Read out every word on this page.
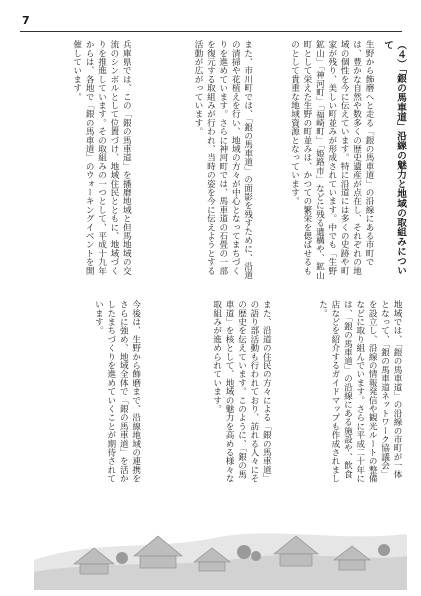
7
（４）「銀の馬車道」沿線の魅力と地域の取組みについて
生野から飾磨へと走る「銀の馬車道」の沿線にある市町では、豊かな自然や数多くの歴史遺産が点在し、それぞれの地域の個性を今に伝えています。特に沿道には多くの史跡や町家が残り、美しい町並みが形成されています。中でも「生野鉱山」「神河町」「福崎町」「姫路市」などに残る遺構や、鉱山町として栄えた生野の町並みは、かつての繁栄を偲ばせるものとして貴重な地域資源となっています。
また、市川町では、「銀の馬車道」の面影を残すために、沿道の清掃や花植えを行い、地域の方々が中心となってまちづくりを進めています。さらに神河町では、馬車道の石畳の一部を復元する取組みが行われ、当時の姿を今に伝えようとする活動が広がっています。
兵庫県では、この「銀の馬車道」を播磨地域と但馬地域の交流のシンボルとして位置づけ、地域住民とともに、地域づくりを推進しています。その取組みの一つとして、平成十九年からは、各地で「銀の馬車道」のウォーキングイベントを開催しています。
地域では、「銀の馬車道」の沿線の市町が一体となって、「銀の馬車道ネットワーク協議会」を設立し、沿線の情報発信や観光ルートの整備などに取り組んでいます。さらに平成二十年には、「銀の馬車道」の沿線にある施設や、飲食店などを紹介するガイドマップも作成されました。
また、沿道の住民の方々による「銀の馬車道」の語り部活動も行われており、訪れる人々にその歴史を伝えています。このように、「銀の馬車道」を核として、地域の魅力を高める様々な取組みが進められています。
今後は、生野から飾磨まで、沿線地域の連携をさらに強め、地域全体で「銀の馬車道」を活かしたまちづくりを進めていくことが期待されています。
